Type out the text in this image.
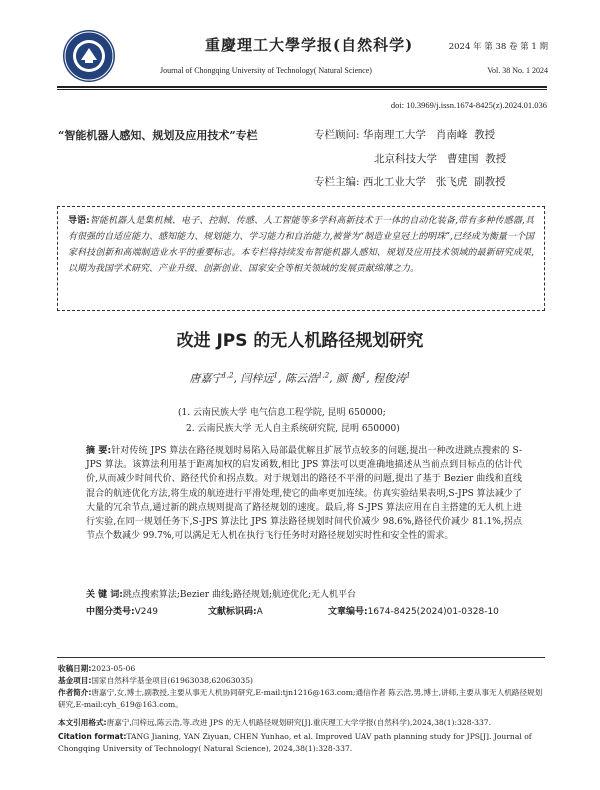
重慶理工大學学报(自然科学)
Journal of Chongqing University of Technology( Natural Science)
2024 年 第 38 卷 第 1 期
Vol. 38 No. 1 2024
doi: 10.3969/j.issn.1674-8425(z).2024.01.036
“智能机器人感知、规划及应用技术”专栏	专栏顾问: 华南理工大学 肖南峰 教授
北京科技大学 曹建国 教授
专栏主编: 西北工业大学 张飞虎 副教授
导语:智能机器人是集机械、电子、控制、传感、人工智能等多学科高新技术于一体的自动化装备,带有多种传感器,具有很强的自适应能力、感知能力、规划能力、学习能力和自治能力,被誉为“制造业皇冠上的明珠”,已经成为衡量一个国家科技创新和高端制造业水平的重要标志。本专栏将持续发布智能机器人感知、规划及应用技术领域的最新研究成果,以期为我国学术研究、产业升级、创新创业、国家安全等相关领域的发展贡献绵薄之力。
改进 JPS 的无人机路径规划研究
唐嘉宁$^{1,2}$, 闫梓远$^1$, 陈云浩$^{1,2}$, 颜 衡$^1$, 程俊涛$^1$
(1. 云南民族大学 电气信息工程学院, 昆明 650000;
2. 云南民族大学 无人自主系统研究院, 昆明 650000)
摘 要:针对传统 JPS 算法在路径规划时易陷入局部最优解且扩展节点较多的问题,提出一种改进跳点搜索的 S-JPS 算法。该算法利用基于距离加权的启发函数,相比 JPS 算法可以更准确地描述从当前点到目标点的估计代价,从而减少时间代价、路径代价和拐点数。对于规划出的路径不平滑的问题,提出了基于 Bezier 曲线和直线混合的航迹优化方法,将生成的航迹进行平滑处理,使它的曲率更加连续。仿真实验结果表明,S-JPS 算法减少了大量的冗余节点,通过新的跳点规则提高了路径规划的速度。最后,将 S-JPS 算法应用在自主搭建的无人机上进行实验,在同一规划任务下,S-JPS 算法比 JPS 算法路径规划时间代价减少 98.6%,路径代价减少 81.1%,拐点节点个数减少 99.7%,可以满足无人机在执行飞行任务时对路径规划实时性和安全性的需求。
关 键 词:跳点搜索算法;Bezier 曲线;路径规划;航迹优化;无人机平台
中图分类号:V249	文献标识码:A	文章编号:1674-8425(2024)01-0328-10
收稿日期:2023-05-06
基金项目:国家自然科学基金项目(61963038,62063035)
作者简介:唐嘉宁,女,博士,副教授,主要从事无人机协同研究,E-mail:tjn1216@163.com;通信作者 陈云浩,男,博士,讲师,主要从事无人机路径规划研究,E-mail:cyh_619@163.com。
本文引用格式:唐嘉宁,闫梓远,陈云浩,等.改进 JPS 的无人机路径规划研究[J].重庆理工大学学报(自然科学),2024,38(1):328-337.
Citation format:TANG Jianing, YAN Ziyuan, CHEN Yunhao, et al. Improved UAV path planning study for JPS[J]. Journal of Chongqing University of Technology( Natural Science), 2024,38(1):328-337.
